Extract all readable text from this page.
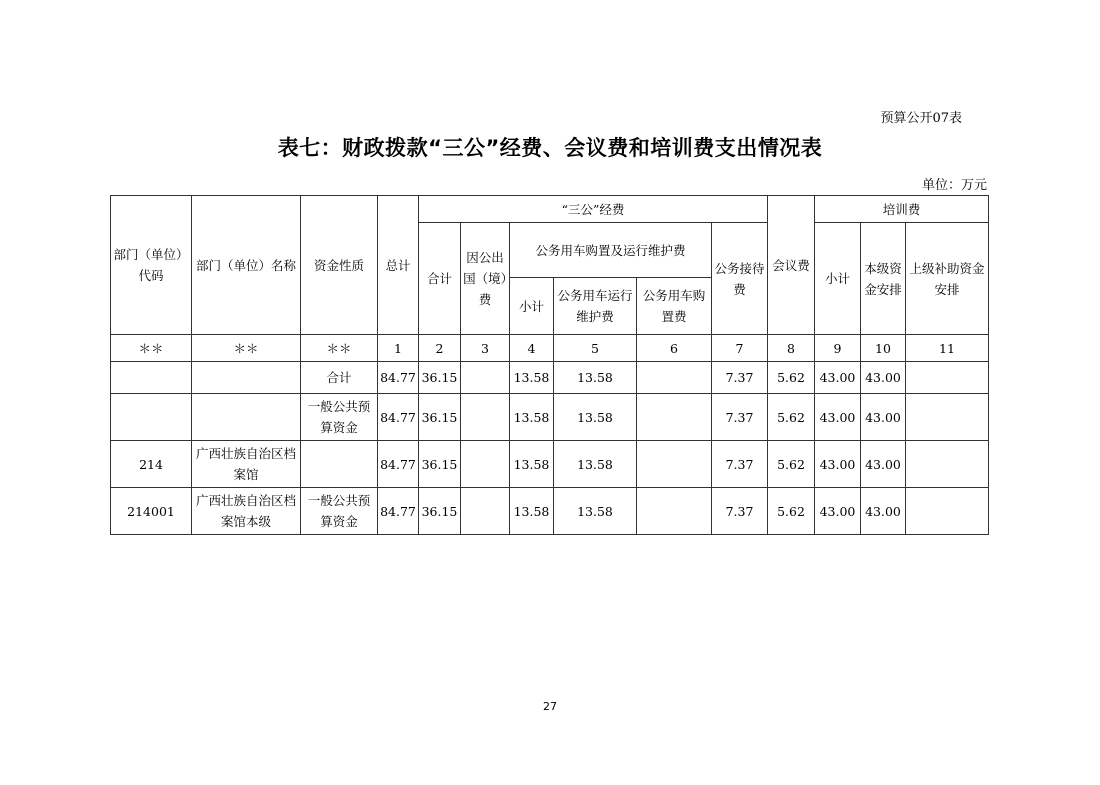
预算公开07表
表七：财政拨款“三公”经费、会议费和培训费支出情况表
单位：万元
部门（单位）代码	部门（单位）名称	资金性质	总计	“三公”经费						会议费	培训费		
				合计	因公出国（境）费	公务用车购置及运行维护费			公务接待费		小计	本级资金安排	上级补助资金安排
						小计	公务用车运行维护费	公务用车购置费					
＊＊	＊＊	＊＊	1	2	3	4	5	6	7	8	9	10	11
		合计	84.77	36.15		13.58	13.58		7.37	5.62	43.00	43.00	
		一般公共预算资金	84.77	36.15		13.58	13.58		7.37	5.62	43.00	43.00	
214	广西壮族自治区档案馆		84.77	36.15		13.58	13.58		7.37	5.62	43.00	43.00	
214001	广西壮族自治区档案馆本级	一般公共预算资金	84.77	36.15		13.58	13.58		7.37	5.62	43.00	43.00	
27
